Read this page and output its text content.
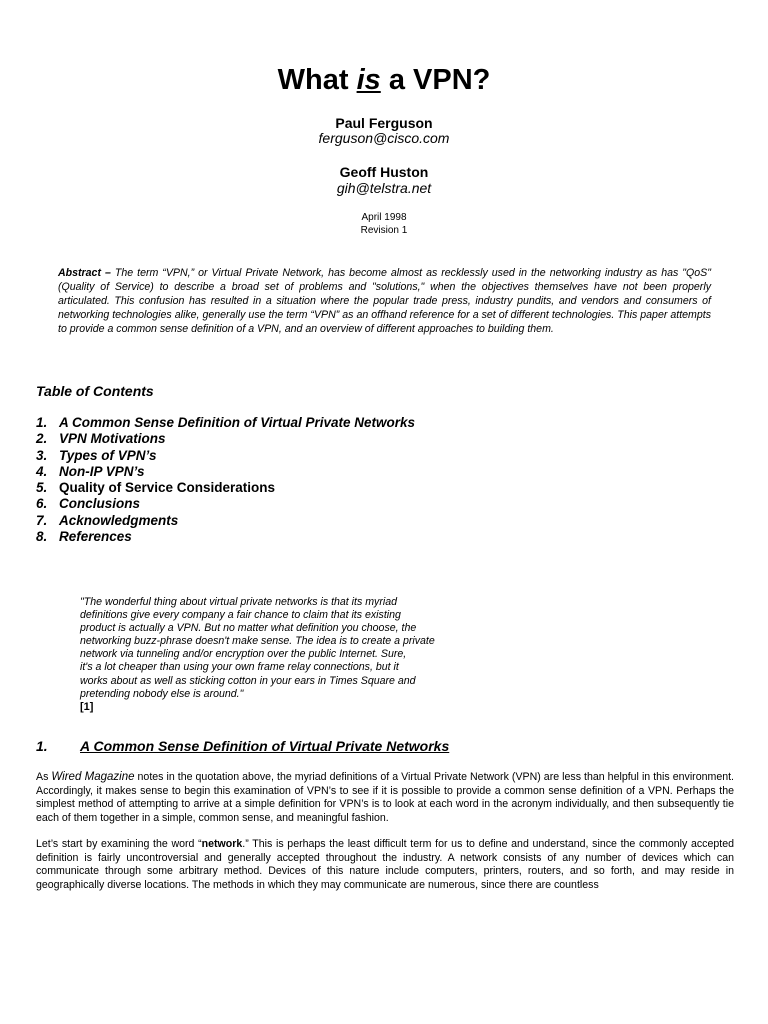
What is a VPN?

Paul Ferguson

ferguson@cisco.com

Geoff Huston

gih@telstra.net

April 1998

Revision 1

Abstract – The term “VPN,” or Virtual Private Network, has become almost as recklessly used in the networking industry as has "QoS" (Quality of Service) to describe a broad set of problems and "solutions," when the objectives themselves have not been properly articulated. This confusion has resulted in a situation where the popular trade press, industry pundits, and vendors and consumers of networking technologies alike, generally use the term “VPN” as an offhand reference for a set of different technologies. This paper attempts to provide a common sense definition of a VPN, and an overview of different approaches to building them.

Table of Contents
1. A Common Sense Definition of Virtual Private Networks
2. VPN Motivations
3. Types of VPN’s
4. Non-IP VPN’s
5. Quality of Service Considerations
6. Conclusions
7. Acknowledgments
8. References
"The wonderful thing about virtual private networks is that its myriad
definitions give every company a fair chance to claim that its existing
product is actually a VPN. But no matter what definition you choose, the
networking buzz-phrase doesn't make sense. The idea is to create a private
network via tunneling and/or encryption over the public Internet. Sure,
it's a lot cheaper than using your own frame relay connections, but it
works about as well as sticking cotton in your ears in Times Square and
pretending nobody else is around."
[1]
1. A Common Sense Definition of Virtual Private Networks

As Wired Magazine notes in the quotation above, the myriad definitions of a Virtual Private Network (VPN) are less than helpful in this environment. Accordingly, it makes sense to begin this examination of VPN’s to see if it is possible to provide a common sense definition of a VPN. Perhaps the simplest method of attempting to arrive at a simple definition for VPN’s is to look at each word in the acronym individually, and then subsequently tie each of them together in a simple, common sense, and meaningful fashion.

Let’s start by examining the word “network.” This is perhaps the least difficult term for us to define and understand, since the commonly accepted definition is fairly uncontroversial and generally accepted throughout the industry. A network consists of any number of devices which can communicate through some arbitrary method. Devices of this nature include computers, printers, routers, and so forth, and may reside in geographically diverse locations. The methods in which they may communicate are numerous, since there are countless
